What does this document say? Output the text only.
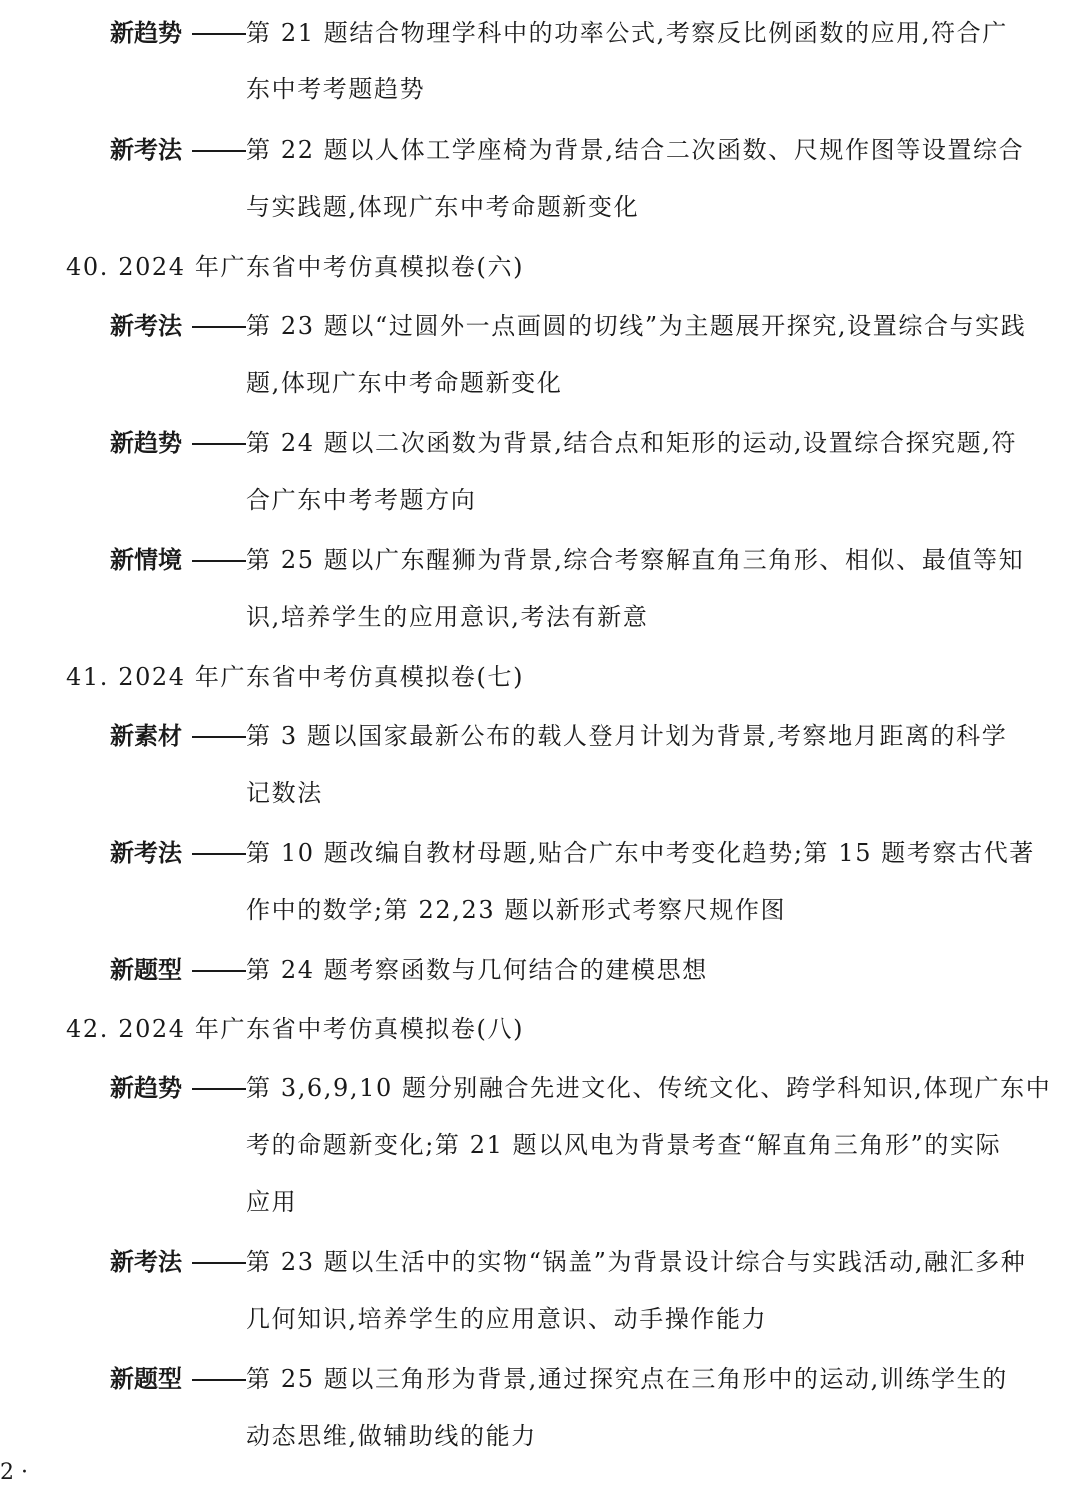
新趋势	第 21 题结合物理学科中的功率公式,考察反比例函数的应用,符合广
东中考考题趋势
新考法	第 22 题以人体工学座椅为背景,结合二次函数、尺规作图等设置综合
与实践题,体现广东中考命题新变化
40. 2024 年广东省中考仿真模拟卷(六)
新考法	第 23 题以“过圆外一点画圆的切线”为主题展开探究,设置综合与实践
题,体现广东中考命题新变化
新趋势	第 24 题以二次函数为背景,结合点和矩形的运动,设置综合探究题,符
合广东中考考题方向
新情境	第 25 题以广东醒狮为背景,综合考察解直角三角形、相似、最值等知
识,培养学生的应用意识,考法有新意
41. 2024 年广东省中考仿真模拟卷(七)
新素材	第 3 题以国家最新公布的载人登月计划为背景,考察地月距离的科学
记数法
新考法	第 10 题改编自教材母题,贴合广东中考变化趋势;第 15 题考察古代著
作中的数学;第 22,23 题以新形式考察尺规作图
新题型	第 24 题考察函数与几何结合的建模思想
42. 2024 年广东省中考仿真模拟卷(八)
新趋势	第 3,6,9,10 题分别融合先进文化、传统文化、跨学科知识,体现广东中
考的命题新变化;第 21 题以风电为背景考查“解直角三角形”的实际
应用
新考法	第 23 题以生活中的实物“锅盖”为背景设计综合与实践活动,融汇多种
几何知识,培养学生的应用意识、动手操作能力
新题型	第 25 题以三角形为背景,通过探究点在三角形中的运动,训练学生的
动态思维,做辅助线的能力
2 ·
